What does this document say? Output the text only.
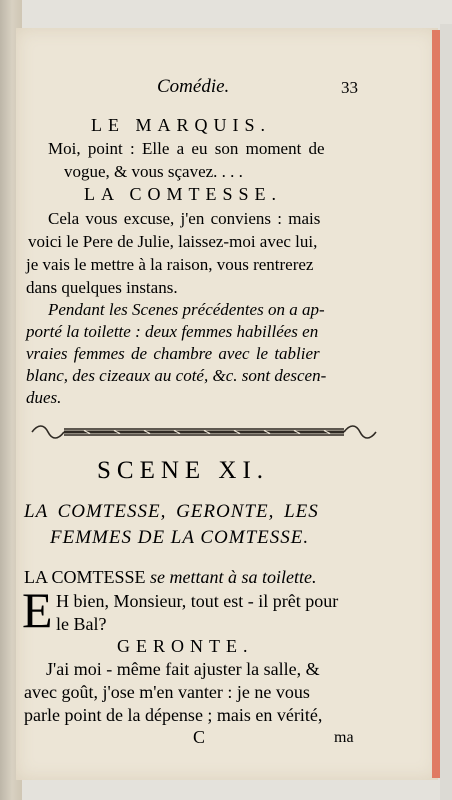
Comédie.	33
LE MARQUIS.
Moi, point : Elle a eu son moment de
vogue, & vous sçavez. . . .
LA COMTESSE.
Cela vous excuse, j'en conviens : mais
voici le Pere de Julie, laissez-moi avec lui,
je vais le mettre à la raison, vous rentrerez
dans quelques instans.
Pendant les Scenes précédentes on a ap-
porté la toilette : deux femmes habillées en
vraies femmes de chambre avec le tablier
blanc, des cizeaux au coté, &c. sont descen-
dues.
SCENE XI.
LA COMTESSE, GERONTE, LES
FEMMES DE LA COMTESSE.
LA COMTESSE se mettant à sa toilette.
E H bien, Monsieur, tout est - il prêt pour
le Bal?
GERONTE.
J'ai moi - même fait ajuster la salle, &
avec goût, j'ose m'en vanter : je ne vous
parle point de la dépense ; mais en vérité,
C	ma
